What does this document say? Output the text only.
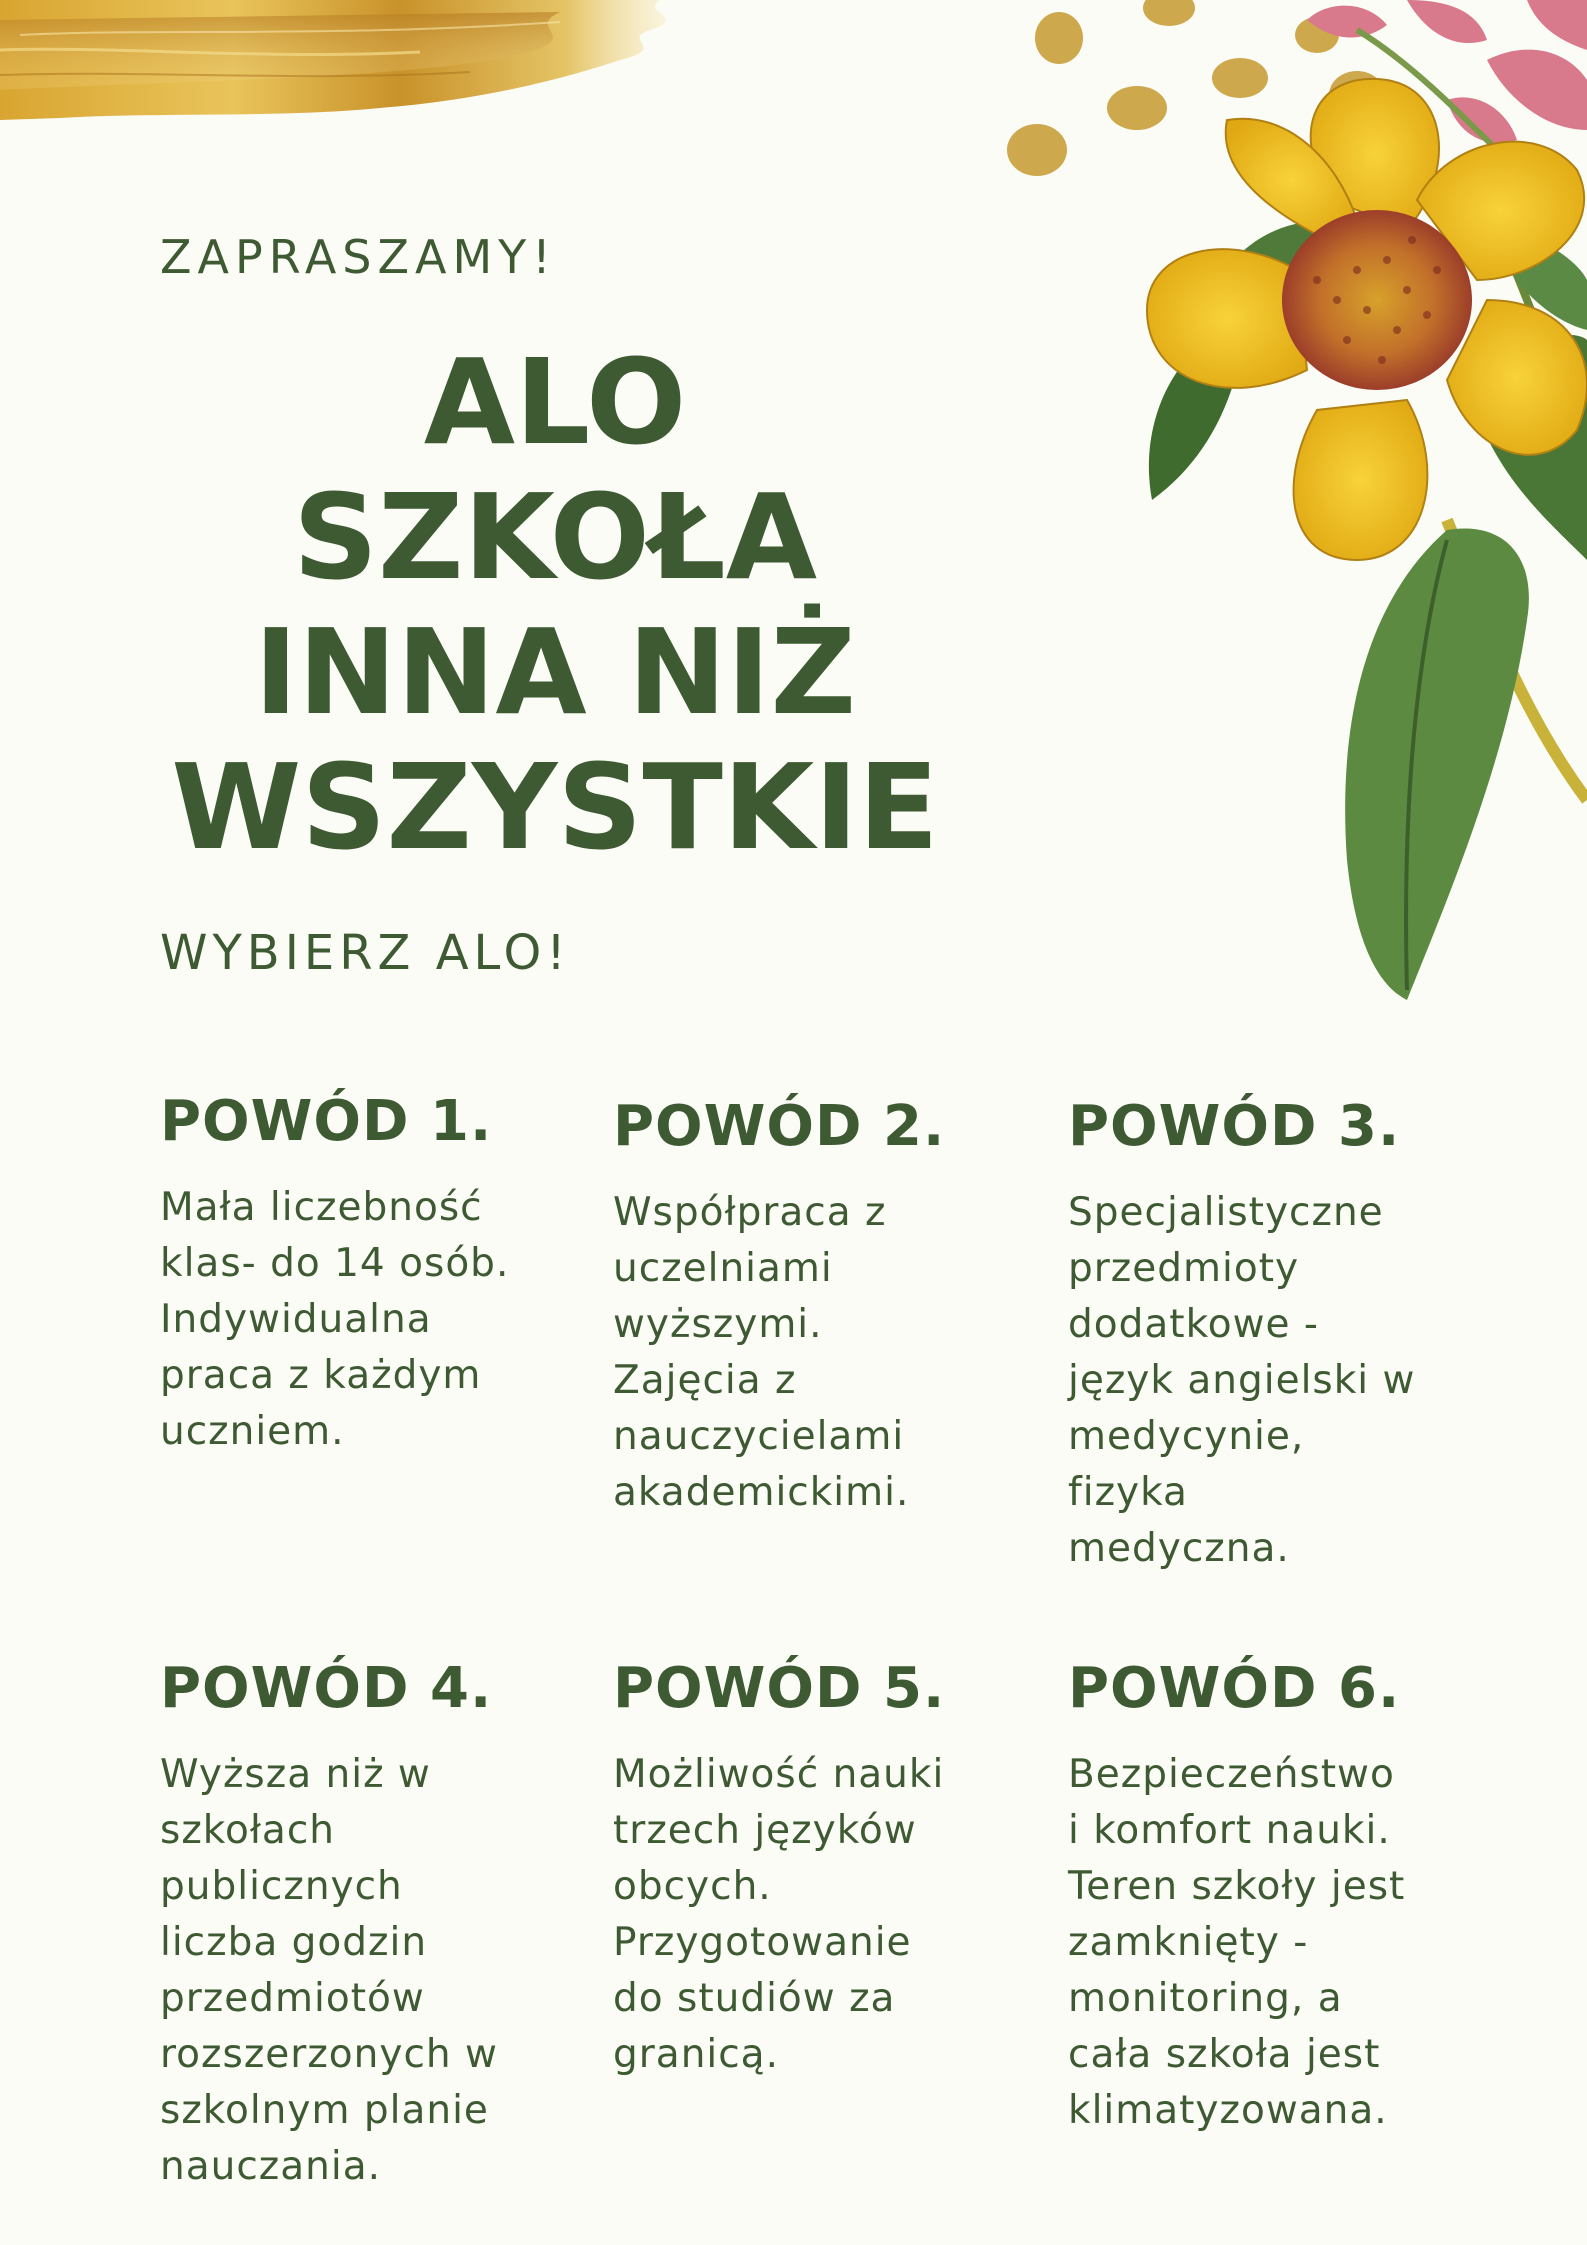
ZAPRASZAMY!
ALO
SZKOŁA
INNA NIŻ
WSZYSTKIE
WYBIERZ ALO!
POWÓD 1.
Mała liczebność
klas- do 14 osób.
Indywidualna
praca z każdym
uczniem.
POWÓD 2.
Współpraca z
uczelniami
wyższymi.
Zajęcia z
nauczycielami
akademickimi.
POWÓD 3.
Specjalistyczne
przedmioty
dodatkowe -
język angielski w
medycynie,
fizyka
medyczna.
POWÓD 4.
Wyższa niż w
szkołach
publicznych
liczba godzin
przedmiotów
rozszerzonych w
szkolnym planie
nauczania.
POWÓD 5.
Możliwość nauki
trzech języków
obcych.
Przygotowanie
do studiów za
granicą.
POWÓD 6.
Bezpieczeństwo
i komfort nauki.
Teren szkoły jest
zamknięty -
monitoring, a
cała szkoła jest
klimatyzowana.
